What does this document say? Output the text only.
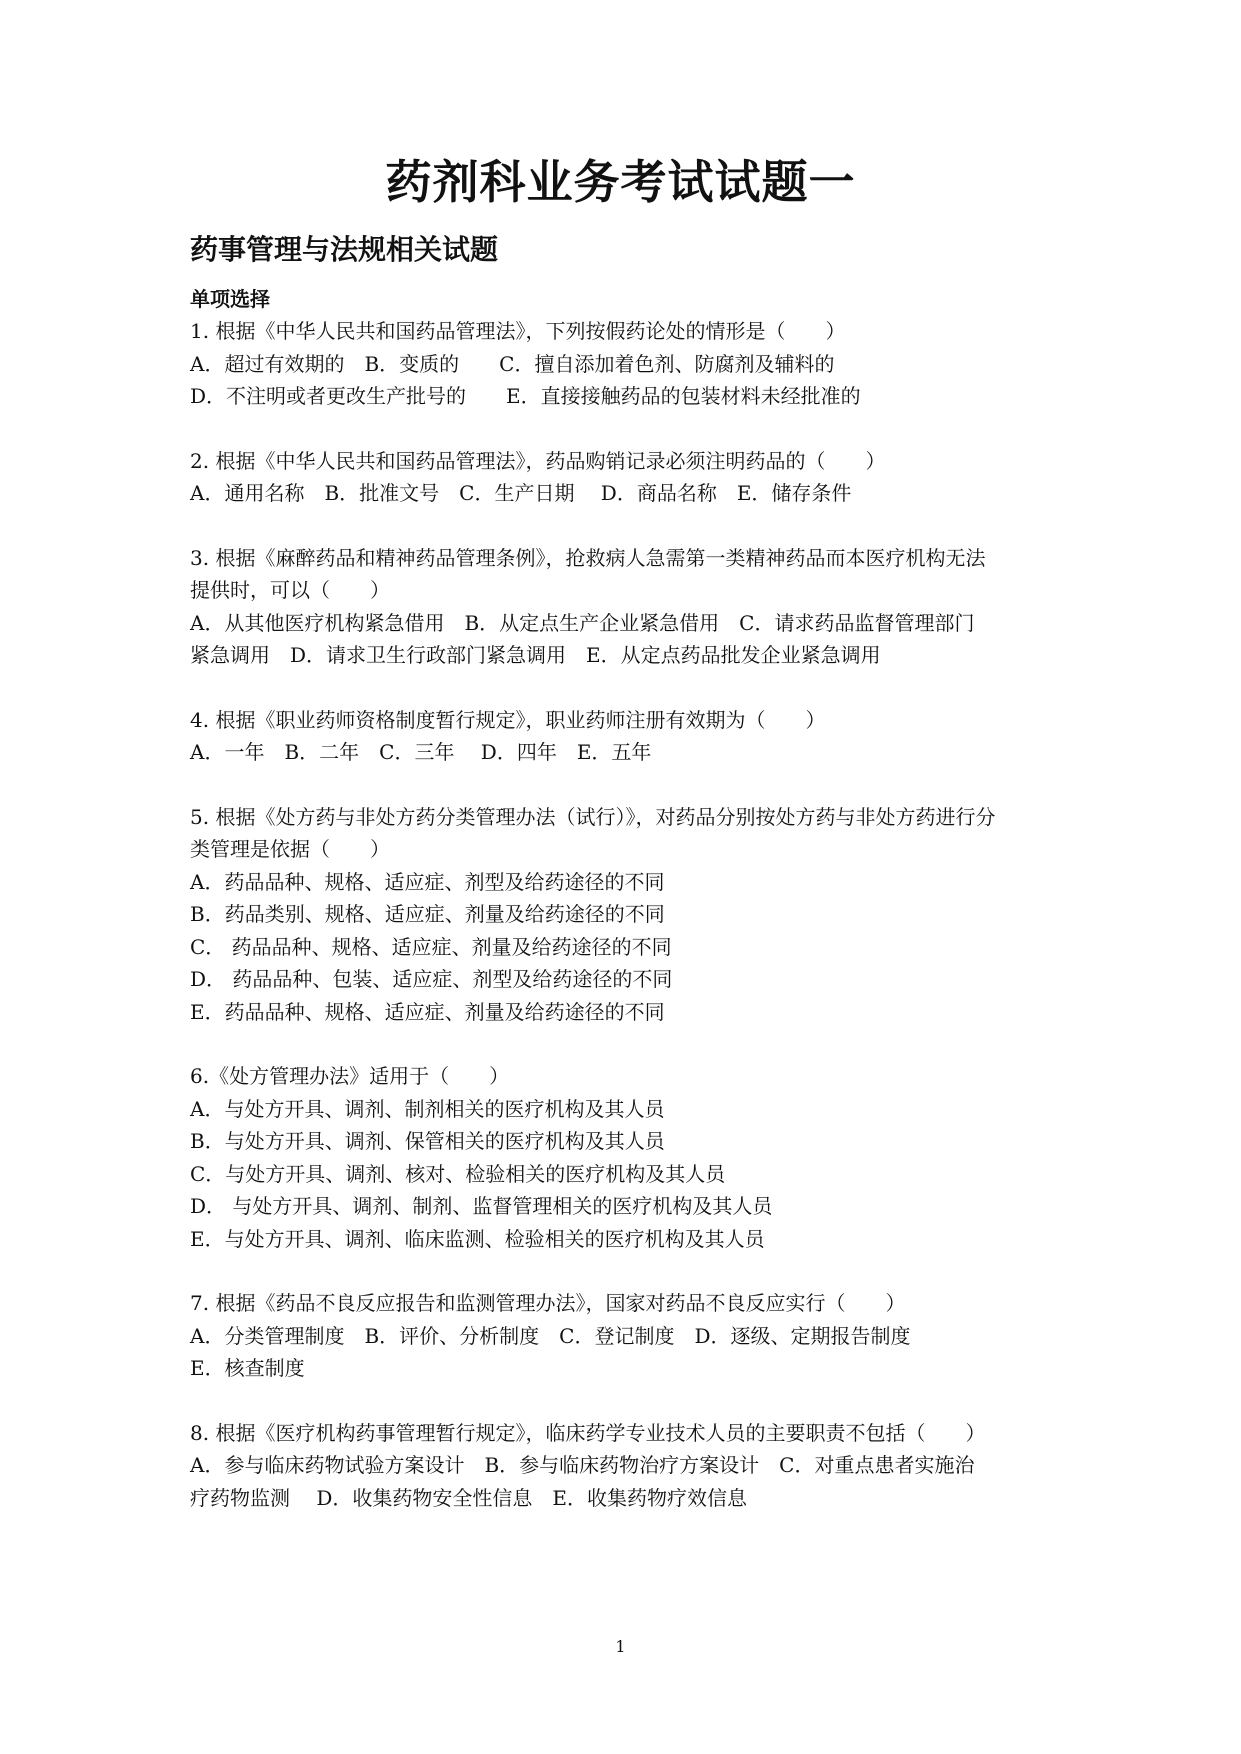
药剂科业务考试试题一
药事管理与法规相关试题
单项选择
1. 根据《中华人民共和国药品管理法》，下列按假药论处的情形是（　　）
A．超过有效期的　B．变质的　　C．擅自添加着色剂、防腐剂及辅料的
D．不注明或者更改生产批号的　　E．直接接触药品的包装材料未经批准的
2. 根据《中华人民共和国药品管理法》，药品购销记录必须注明药品的（　　）
A．通用名称　B．批准文号　C．生产日期　 D．商品名称　E．储存条件
3. 根据《麻醉药品和精神药品管理条例》，抢救病人急需第一类精神药品而本医疗机构无法
提供时，可以（　　）
A．从其他医疗机构紧急借用　B．从定点生产企业紧急借用　C．请求药品监督管理部门
紧急调用　D．请求卫生行政部门紧急调用　E．从定点药品批发企业紧急调用
4. 根据《职业药师资格制度暂行规定》，职业药师注册有效期为（　　）
A．一年　B．二年　C．三年　 D．四年　E．五年
5. 根据《处方药与非处方药分类管理办法（试行）》，对药品分别按处方药与非处方药进行分
类管理是依据（　　）
A．药品品种、规格、适应症、剂型及给药途径的不同
B．药品类别、规格、适应症、剂量及给药途径的不同
C． 药品品种、规格、适应症、剂量及给药途径的不同
D． 药品品种、包装、适应症、剂型及给药途径的不同
E．药品品种、规格、适应症、剂量及给药途径的不同
6.《处方管理办法》适用于（　　）
A．与处方开具、调剂、制剂相关的医疗机构及其人员
B．与处方开具、调剂、保管相关的医疗机构及其人员
C．与处方开具、调剂、核对、检验相关的医疗机构及其人员
D． 与处方开具、调剂、制剂、监督管理相关的医疗机构及其人员
E．与处方开具、调剂、临床监测、检验相关的医疗机构及其人员
7. 根据《药品不良反应报告和监测管理办法》，国家对药品不良反应实行（　　）
A．分类管理制度　B．评价、分析制度　C．登记制度　D．逐级、定期报告制度
E．核查制度
8. 根据《医疗机构药事管理暂行规定》，临床药学专业技术人员的主要职责不包括（　　）
A．参与临床药物试验方案设计　B．参与临床药物治疗方案设计　C．对重点患者实施治
疗药物监测　 D．收集药物安全性信息　E．收集药物疗效信息
1
